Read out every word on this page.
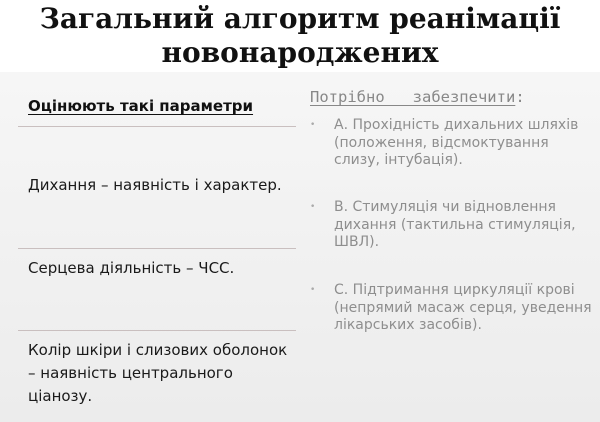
Загальний алгоритм реанімації новонароджених
Оцінюють такі параметри
Дихання – наявність і характер.
Серцева діяльність – ЧСС.
Колір шкіри і слизових оболонок – наявність центрального ціанозу.
Потрібно   забезпечити:
• А. Прохідність дихальних шляхів (положення, відсмоктування слизу, інтубація).
• В. Стимуляція чи відновлення дихання (тактильна стимуляція, ШВЛ).
• С. Підтримання циркуляції крові (непрямий масаж серця, уведення лікарських засобів).
